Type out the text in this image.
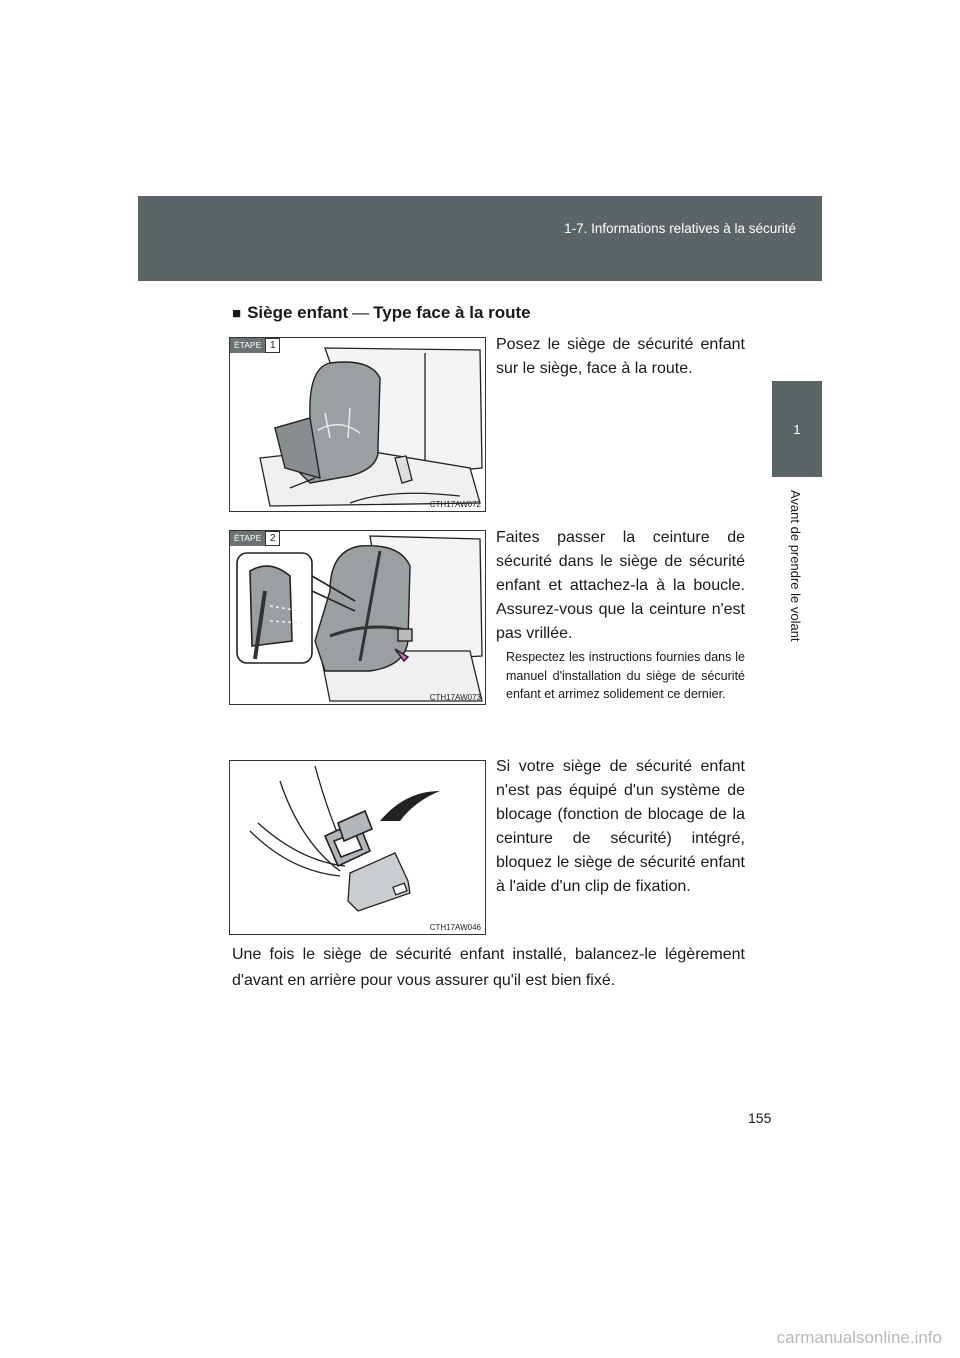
1-7. Informations relatives à la sécurité
1
Avant de prendre le volant
■ Siège enfant — Type face à la route
ÉTAPE 1
CTH17AW072
ÉTAPE 2
CTH17AW073
CTH17AW046
Posez le siège de sécurité enfant sur le siège, face à la route.
Faites passer la ceinture de sécurité dans le siège de sécurité enfant et attachez-la à la boucle. Assurez-vous que la ceinture n'est pas vrillée.
Respectez les instructions fournies dans le manuel d'installation du siège de sécurité enfant et arrimez solidement ce dernier.
Si votre siège de sécurité enfant n'est pas équipé d'un système de blocage (fonction de blocage de la ceinture de sécurité) intégré, bloquez le siège de sécurité enfant à l'aide d'un clip de fixation.
Une fois le siège de sécurité enfant installé, balancez-le légèrement d'avant en arrière pour vous assurer qu'il est bien fixé.
155
carmanualsonline.info
